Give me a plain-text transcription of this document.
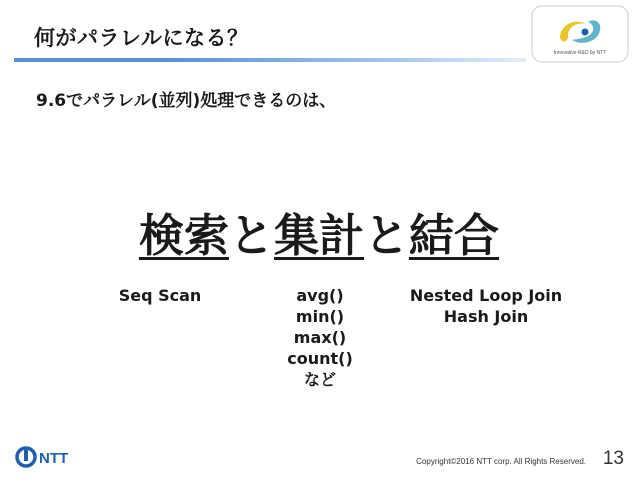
何がパラレルになる？
Innovative R&D by NTT
9.6でパラレル(並列)処理できるのは、
検索と集計と結合
Seq Scan	avg()
min()
max()
count()
など
Nested Loop Join
Hash Join
NTT	Copyright©2016 NTT corp. All Rights Reserved. 13
